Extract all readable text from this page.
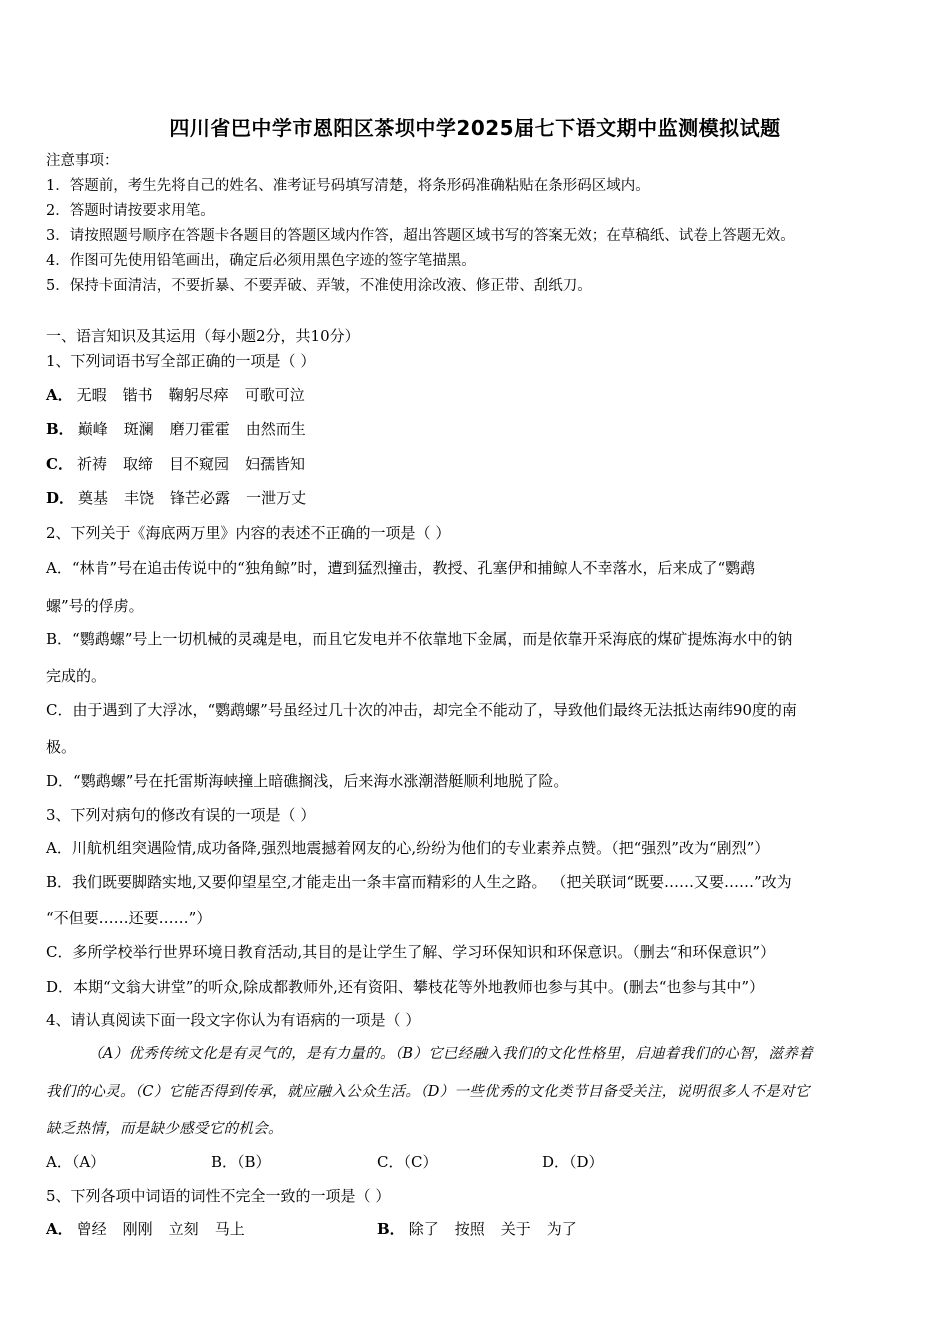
四川省巴中学市恩阳区茶坝中学2025届七下语文期中监测模拟试题
注意事项：
1．答题前，考生先将自己的姓名、准考证号码填写清楚，将条形码准确粘贴在条形码区域内。
2．答题时请按要求用笔。
3．请按照题号顺序在答题卡各题目的答题区域内作答，超出答题区域书写的答案无效；在草稿纸、试卷上答题无效。
4．作图可先使用铅笔画出，确定后必须用黑色字迹的签字笔描黑。
5．保持卡面清洁，不要折暴、不要弄破、弄皱，不准使用涂改液、修正带、刮纸刀。
一、语言知识及其运用（每小题2分，共10分）
1、下列词语书写全部正确的一项是（ ）
A． 无暇 锴书 鞠躬尽瘁 可歌可泣
B． 巅峰 斑澜 磨刀霍霍 由然而生
C． 祈祷 取缔 目不窥园 妇孺皆知
D． 奠基 丰饶 锋芒必露 一泄万丈
2、下列关于《海底两万里》内容的表述不正确的一项是（ ）
A．“林肯”号在追击传说中的“独角鲸”时，遭到猛烈撞击，教授、孔塞伊和捕鲸人不幸落水，后来成了“鹦鹉
螺”号的俘虏。
B．“鹦鹉螺”号上一切机械的灵魂是电，而且它发电并不依靠地下金属，而是依靠开采海底的煤矿提炼海水中的钠
完成的。
C．由于遇到了大浮冰，“鹦鹉螺”号虽经过几十次的冲击，却完全不能动了，导致他们最终无法抵达南纬90度的南
极。
D．“鹦鹉螺”号在托雷斯海峡撞上暗礁搁浅，后来海水涨潮潜艇顺利地脱了险。
3、下列对病句的修改有误的一项是（ ）
A．川航机组突遇险情,成功备降,强烈地震撼着网友的心,纷纷为他们的专业素养点赞。（把“强烈”改为“剧烈”）
B．我们既要脚踏实地,又要仰望星空,才能走出一条丰富而精彩的人生之路。 （把关联词“既要……又要……”改为
“不但要……还要……”）
C．多所学校举行世界环境日教育活动,其目的是让学生了解、学习环保知识和环保意识。（删去“和环保意识”）
D．本期“文翁大讲堂”的听众,除成都教师外,还有资阳、攀枝花等外地教师也参与其中。(删去“也参与其中”）
4、请认真阅读下面一段文字你认为有语病的一项是（ ）
（A）优秀传统文化是有灵气的，是有力量的。（B）它已经融入我们的文化性格里，启迪着我们的心智，滋养着
我们的心灵。（C）它能否得到传承，就应融入公众生活。（D）一些优秀的文化类节目备受关注，说明很多人不是对它
缺乏热情，而是缺少感受它的机会。
A．（A）	B．（B）	C．（C）	D．（D）
5、下列各项中词语的词性不完全一致的一项是（ ）
A． 曾经 刚刚 立刻 马上	B． 除了 按照 关于 为了
